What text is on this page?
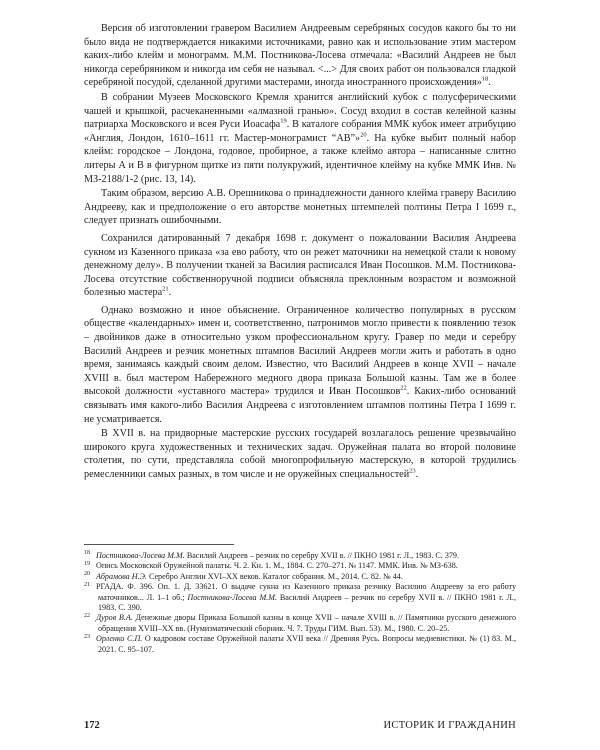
Версия об изготовлении гравером Василием Андреевым серебряных сосудов какого бы то ни было вида не подтверждается никакими источниками, равно как и использование этим мастером каких-либо клейм и монограмм. М.М. Постникова-Лосева отмечала: «Василий Андреев не был никогда серебряником и никогда им себя не называл. <...> Для своих работ он пользовался гладкой серебряной посудой, сделанной другими мастерами, иногда иностранного происхождения»$^{18}$.

В собрании Музеев Московского Кремля хранится английский кубок с полусферическими чашей и крышкой, расчеканенными «алмазной гранью». Сосуд входил в состав келейной казны патриарха Московского и всея Руси Иоасафа$^{19}$. В каталоге собрания ММК кубок имеет атрибуцию «Англия, Лондон, 1610–1611 гг. Мастер-монограмист “АВ”»$^{20}$. На кубке выбит полный набор клейм: городское – Лондона, годовое, пробирное, а также клеймо автора – написанные слитно литеры A и B в фигурном щитке из пяти полукружий, идентичное клейму на кубке ММК Инв. № МЗ-2188/1-2 (рис. 13, 14).

Таким образом, версию А.В. Орешникова о принадлежности данного клейма граверу Василию Андрееву, как и предположение о его авторстве монетных штемпелей полтины Петра I 1699 г., следует признать ошибочными.

Сохранился датированный 7 декабря 1698 г. документ о пожаловании Василия Андреева сукном из Казенного приказа «за ево работу, что он режет маточники на немецкой стали к новому денежному делу». В получении тканей за Василия расписался Иван Посошков. М.М. Постникова-Лосева отсутствие собственноручной подписи объясняла преклонным возрастом и возможной болезнью мастера$^{21}$.

Однако возможно и иное объяснение. Ограниченное количество популярных в русском обществе «календарных» имен и, соответственно, патронимов могло привести к появлению тезок – двойников даже в относительно узком профессиональном кругу. Гравер по меди и серебру Василий Андреев и резчик монетных штампов Василий Андреев могли жить и работать в одно время, занимаясь каждый своим делом. Известно, что Василий Андреев в конце XVII – начале XVIII в. был мастером Набережного медного двора приказа Большой казны. Там же в более высокой должности «уставного мастера» трудился и Иван Посошков$^{22}$. Каких-либо оснований связывать имя какого-либо Василия Андреева с изготовлением штампов полтины Петра I 1699 г. не усматривается.

В XVII в. на придворные мастерские русских государей возлагалось решение чрезвычайно широкого круга художественных и технических задач. Оружейная палата во второй половине столетия, по сути, представляла собой многопрофильную мастерскую, в которой трудились ремесленники самых разных, в том числе и не оружейных специальностей$^{23}$.

18 Постникова-Лосева М.М. Василий Андреев – резчик по серебру XVII в. // ПКНО 1981 г. Л., 1983. С. 379.

19 Опись Московской Оружейной палаты. Ч. 2. Кн. 1. М., 1884. С. 270–271. № 1147. ММК. Инв. № МЗ-638.

20 Абрамова Н.Э. Серебро Англии XVI–XX веков. Каталог собрания. М., 2014. С. 82. № 44.

21 РГАДА. Ф. 396. Оп. 1. Д. 33621. О выдаче сукна из Казенного приказа резчику Василию Андрееву за его работу маточников... Л. 1–1 об.; Постникова-Лосева М.М. Василий Андреев – резчик по серебру XVII в. // ПКНО 1981 г. Л., 1983. С. 390.

22 Дуров В.А. Денежные дворы Приказа Большой казны в конце XVII – начале XVIII в. // Памятники русского денежного обращения XVIII–XX вв. (Нумизматический сборник. Ч. 7. Труды ГИМ. Вып. 53). М., 1980. С. 20–25.

23 Орленко С.П. О кадровом составе Оружейной палаты XVII века // Древняя Русь. Вопросы медиевистики. № (1) 83. М., 2021. С. 95–107.

172	ИСТОРИК И ГРАЖДАНИН
